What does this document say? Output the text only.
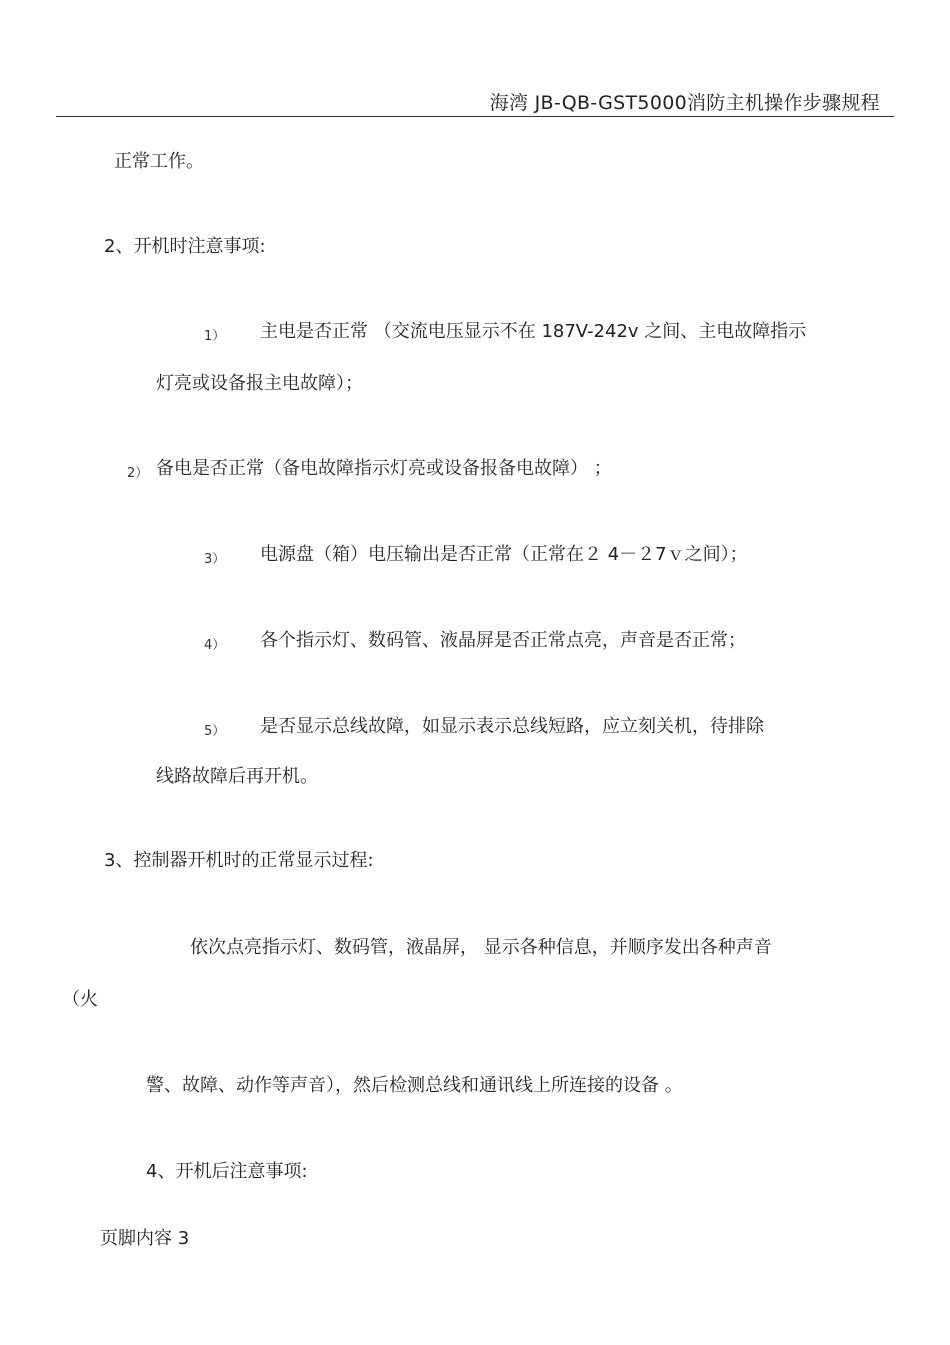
海湾 JB-QB-GST5000消防主机操作步骤规程
正常工作。
2、开机时注意事项:
1） 主电是否正常 （交流电压显示不在 187V-242v 之间、主电故障指示
灯亮或设备报主电故障）；
2） 备电是否正常（备电故障指示灯亮或设备报备电故障） ；
3） 电源盘（箱）电压输出是否正常（正常在２ 4－２7ｖ之间）；
4） 各个指示灯、数码管、液晶屏是否正常点亮，声音是否正常；
5） 是否显示总线故障，如显示表示总线短路，应立刻关机，待排除
线路故障后再开机。
3、控制器开机时的正常显示过程:
依次点亮指示灯、数码管，液晶屏， 显示各种信息，并顺序发出各种声音
（火
警、故障、动作等声音），然后检测总线和通讯线上所连接的设备 。
4、开机后注意事项:
页脚内容 3
